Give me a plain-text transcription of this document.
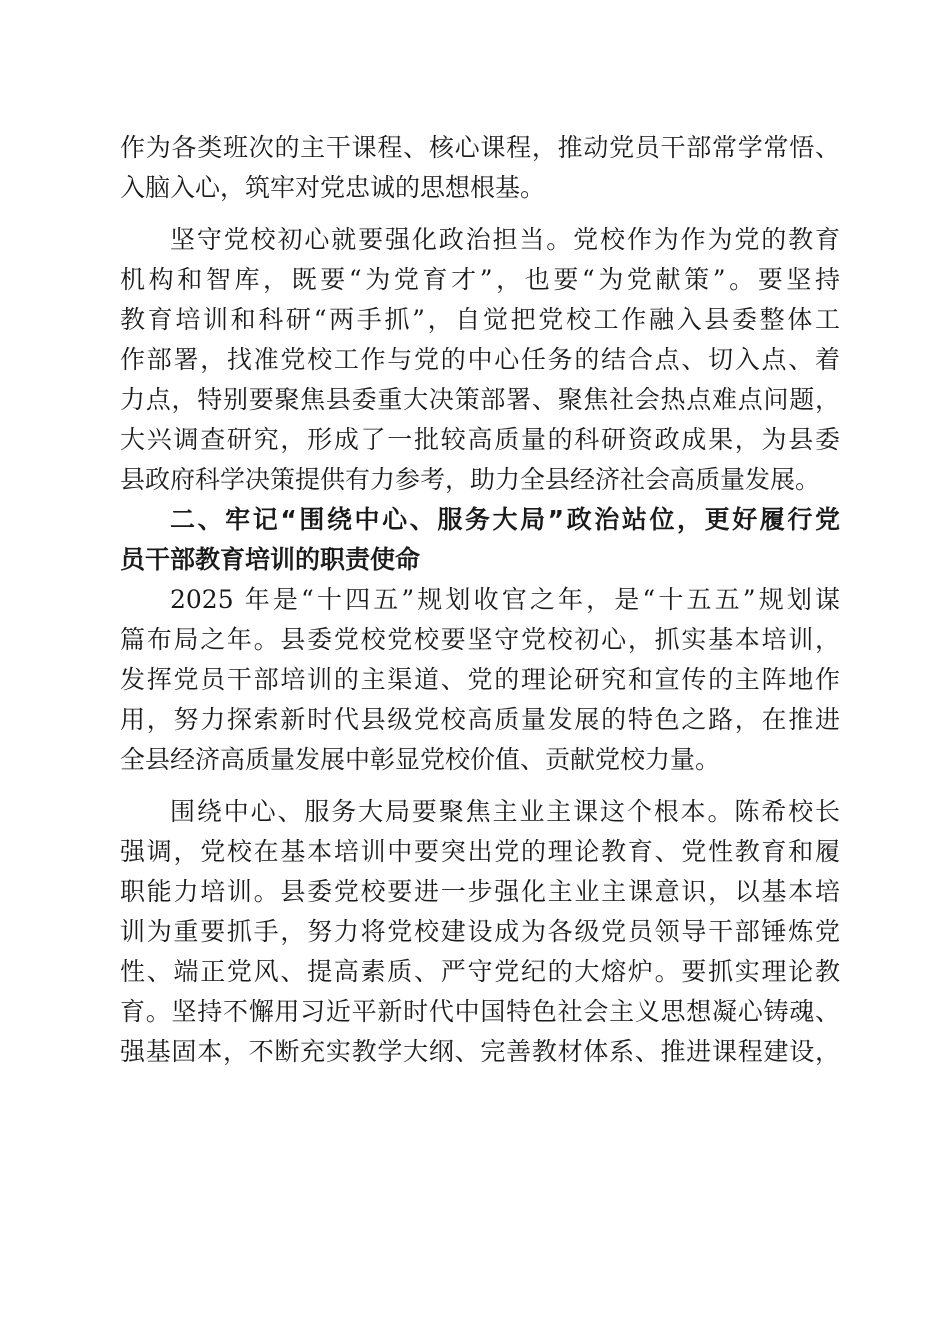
作为各类班次的主干课程、核心课程，推动党员干部常学常悟、
入脑入心，筑牢对党忠诚的思想根基。
坚守党校初心就要强化政治担当。党校作为作为党的教育
机构和智库，既要“为党育才”，也要“为党献策”。要坚持
教育培训和科研“两手抓”，自觉把党校工作融入县委整体工
作部署，找准党校工作与党的中心任务的结合点、切入点、着
力点，特别要聚焦县委重大决策部署、聚焦社会热点难点问题，
大兴调查研究，形成了一批较高质量的科研资政成果，为县委
县政府科学决策提供有力参考，助力全县经济社会高质量发展。
二、牢记“围绕中心、服务大局”政治站位，更好履行党
员干部教育培训的职责使命
2025 年是“十四五”规划收官之年，是“十五五”规划谋
篇布局之年。县委党校党校要坚守党校初心，抓实基本培训，
发挥党员干部培训的主渠道、党的理论研究和宣传的主阵地作
用，努力探索新时代县级党校高质量发展的特色之路，在推进
全县经济高质量发展中彰显党校价值、贡献党校力量。
围绕中心、服务大局要聚焦主业主课这个根本。陈希校长
强调，党校在基本培训中要突出党的理论教育、党性教育和履
职能力培训。县委党校要进一步强化主业主课意识，以基本培
训为重要抓手，努力将党校建设成为各级党员领导干部锤炼党
性、端正党风、提高素质、严守党纪的大熔炉。要抓实理论教
育。坚持不懈用习近平新时代中国特色社会主义思想凝心铸魂、
强基固本，不断充实教学大纲、完善教材体系、推进课程建设，
